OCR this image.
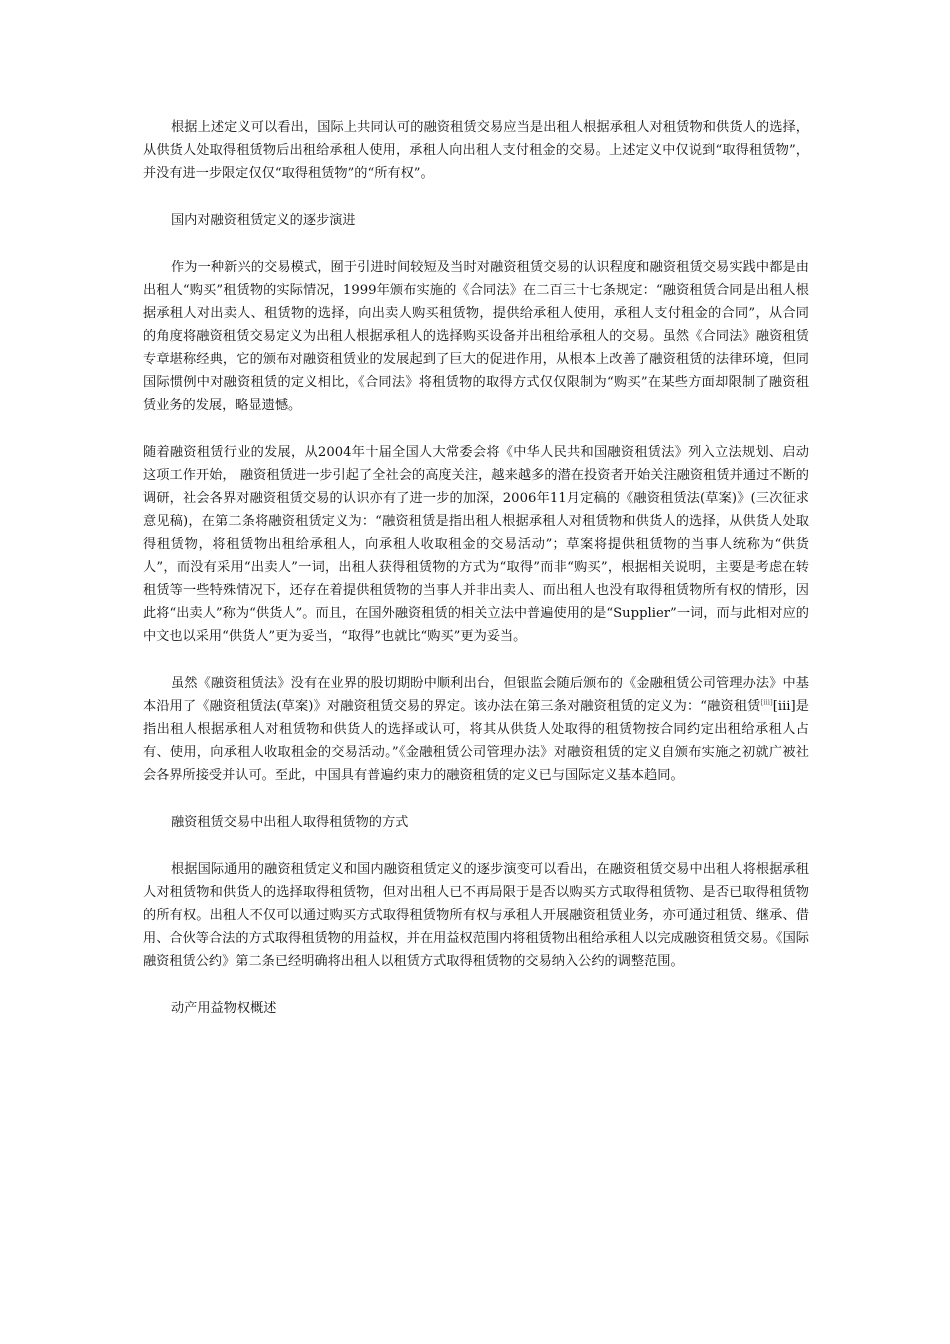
根据上述定义可以看出，国际上共同认可的融资租赁交易应当是出租人根据承租人对租赁物和供货人的选择，从供货人处取得租赁物后出租给承租人使用，承租人向出租人支付租金的交易。上述定义中仅说到“取得租赁物”，并没有进一步限定仅仅“取得租赁物”的“所有权”。

国内对融资租赁定义的逐步演进

作为一种新兴的交易模式，囿于引进时间较短及当时对融资租赁交易的认识程度和融资租赁交易实践中都是由出租人“购买”租赁物的实际情况，1999年颁布实施的《合同法》在二百三十七条规定：“融资租赁合同是出租人根据承租人对出卖人、租赁物的选择，向出卖人购买租赁物，提供给承租人使用，承租人支付租金的合同”，从合同的角度将融资租赁交易定义为出租人根据承租人的选择购买设备并出租给承租人的交易。虽然《合同法》融资租赁专章堪称经典，它的颁布对融资租赁业的发展起到了巨大的促进作用，从根本上改善了融资租赁的法律环境，但同国际惯例中对融资租赁的定义相比，《合同法》将租赁物的取得方式仅仅限制为“购买”在某些方面却限制了融资租赁业务的发展，略显遗憾。

随着融资租赁行业的发展，从2004年十届全国人大常委会将《中华人民共和国融资租赁法》列入立法规划、启动这项工作开始， 融资租赁进一步引起了全社会的高度关注，越来越多的潜在投资者开始关注融资租赁并通过不断的调研，社会各界对融资租赁交易的认识亦有了进一步的加深，2006年11月定稿的《融资租赁法(草案)》(三次征求意见稿)，在第二条将融资租赁定义为：“融资租赁是指出租人根据承租人对租赁物和供货人的选择，从供货人处取得租赁物，将租赁物出租给承租人，向承租人收取租金的交易活动”；草案将提供租赁物的当事人统称为“供货人”，而没有采用“出卖人”一词，出租人获得租赁物的方式为“取得”而非“购买”，根据相关说明，主要是考虑在转租赁等一些特殊情况下，还存在着提供租赁物的当事人并非出卖人、而出租人也没有取得租赁物所有权的情形，因此将“出卖人”称为“供货人”。而且，在国外融资租赁的相关立法中普遍使用的是“Supplier”一词，而与此相对应的中文也以采用“供货人”更为妥当，“取得”也就比“购买”更为妥当。

虽然《融资租赁法》没有在业界的股切期盼中顺利出台，但银监会随后颁布的《金融租赁公司管理办法》中基本沿用了《融资租赁法(草案)》对融资租赁交易的界定。该办法在第三条对融资租赁的定义为：“融资租赁[iii][iii]是指出租人根据承租人对租赁物和供货人的选择或认可，将其从供货人处取得的租赁物按合同约定出租给承租人占有、使用，向承租人收取租金的交易活动。”《金融租赁公司管理办法》对融资租赁的定义自颁布实施之初就广被社会各界所接受并认可。至此，中国具有普遍约束力的融资租赁的定义已与国际定义基本趋同。

融资租赁交易中出租人取得租赁物的方式

根据国际通用的融资租赁定义和国内融资租赁定义的逐步演变可以看出，在融资租赁交易中出租人将根据承租人对租赁物和供货人的选择取得租赁物，但对出租人已不再局限于是否以购买方式取得租赁物、是否已取得租赁物的所有权。出租人不仅可以通过购买方式取得租赁物所有权与承租人开展融资租赁业务，亦可通过租赁、继承、借用、合伙等合法的方式取得租赁物的用益权，并在用益权范围内将租赁物出租给承租人以完成融资租赁交易。《国际融资租赁公约》第二条已经明确将出租人以租赁方式取得租赁物的交易纳入公约的调整范围。

动产用益物权概述
